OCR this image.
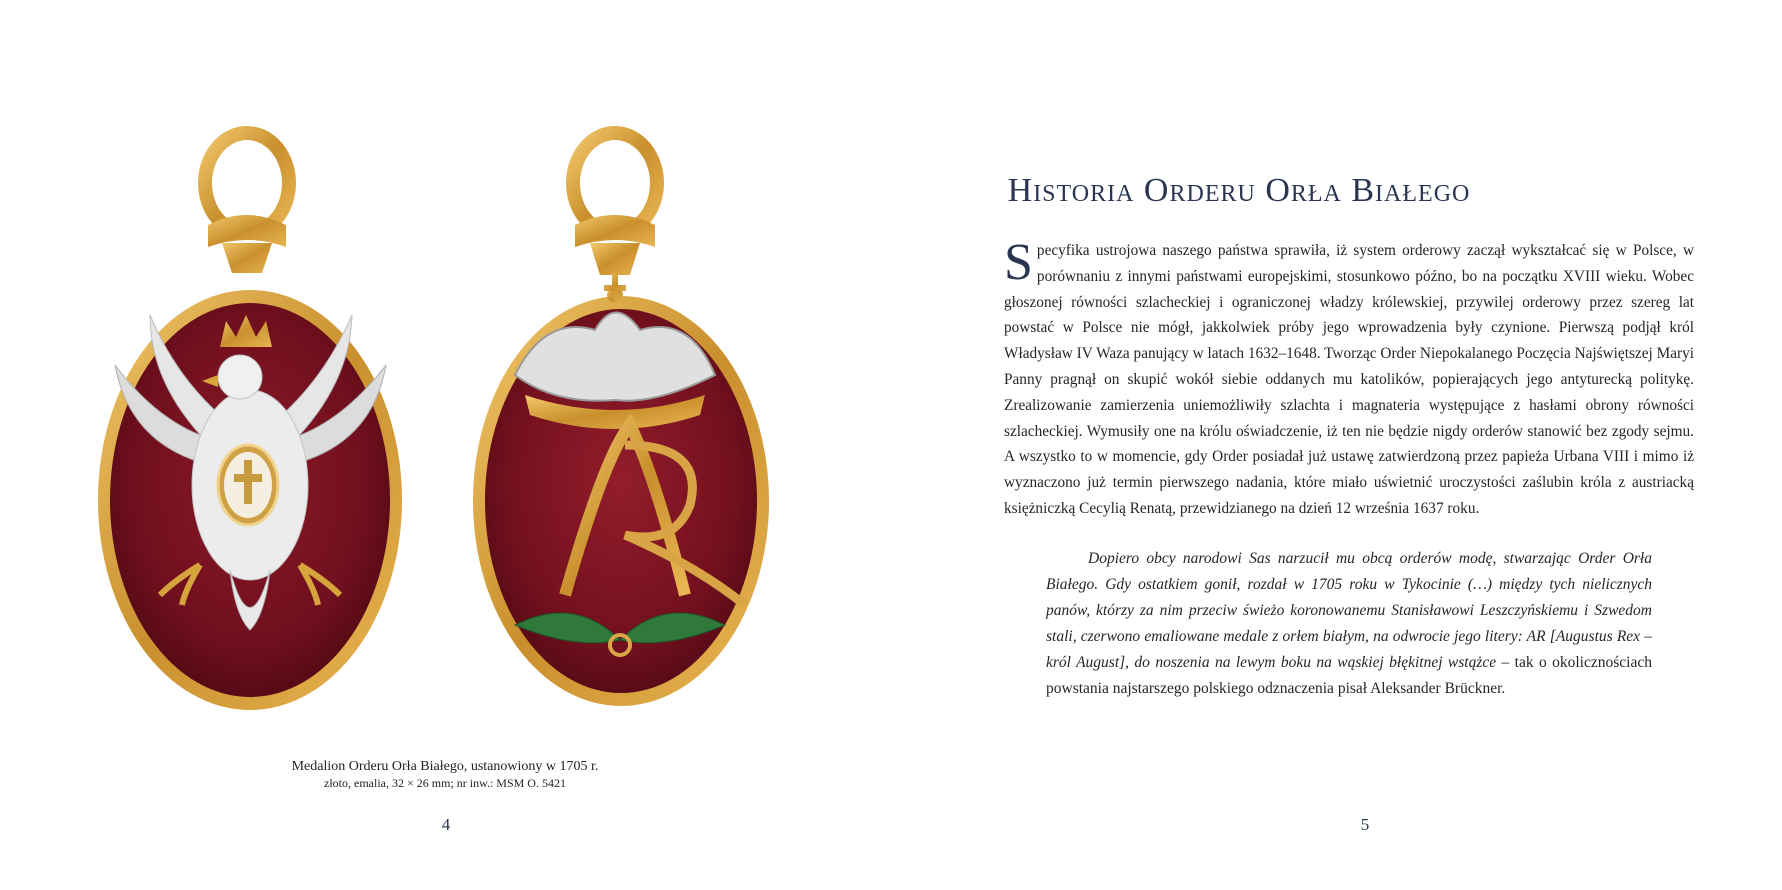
Medalion Orderu Orła Białego, ustanowiony w 1705 r.
złoto, emalia, 32 × 26 mm; nr inw.: MSM O. 5421
4
Historia Orderu Orła Białego
Specyfika ustrojowa naszego państwa sprawiła, iż system orderowy zaczął wykształcać się w Polsce, w porównaniu z innymi państwami europejskimi, stosunkowo późno, bo na początku XVIII wieku. Wobec głoszonej równości szlacheckiej i ograniczonej władzy królewskiej, przywilej orderowy przez szereg lat powstać w Polsce nie mógł, jakkolwiek próby jego wprowadzenia były czynione. Pierwszą podjął król Władysław IV Waza panujący w latach 1632–1648. Tworząc Order Niepokalanego Poczęcia Najświętszej Maryi Panny pragnął on skupić wokół siebie oddanych mu katolików, popierających jego antyturecką politykę. Zrealizowanie zamierzenia uniemożliwiły szlachta i magnateria występujące z hasłami obrony równości szlacheckiej. Wymusiły one na królu oświadczenie, iż ten nie będzie nigdy orderów stanowić bez zgody sejmu. A wszystko to w momencie, gdy Order posiadał już ustawę zatwierdzoną przez papieża Urbana VIII i mimo iż wyznaczono już termin pierwszego nadania, które miało uświetnić uroczystości zaślubin króla z austriacką księżniczką Cecylią Renatą, przewidzianego na dzień 12 września 1637 roku.
Dopiero obcy narodowi Sas narzucił mu obcą orderów modę, stwarzając Order Orła Białego. Gdy ostatkiem gonił, rozdał w 1705 roku w Tykocinie (…) między tych nielicznych panów, którzy za nim przeciw świeżo koronowanemu Stanisławowi Leszczyńskiemu i Szwedom stali, czerwono emaliowane medale z orłem białym, na odwrocie jego litery: AR [Augustus Rex – król August], do noszenia na lewym boku na wąskiej błękitnej wstążce – tak o okolicznościach powstania najstarszego polskiego odznaczenia pisał Aleksander Brückner.
5
